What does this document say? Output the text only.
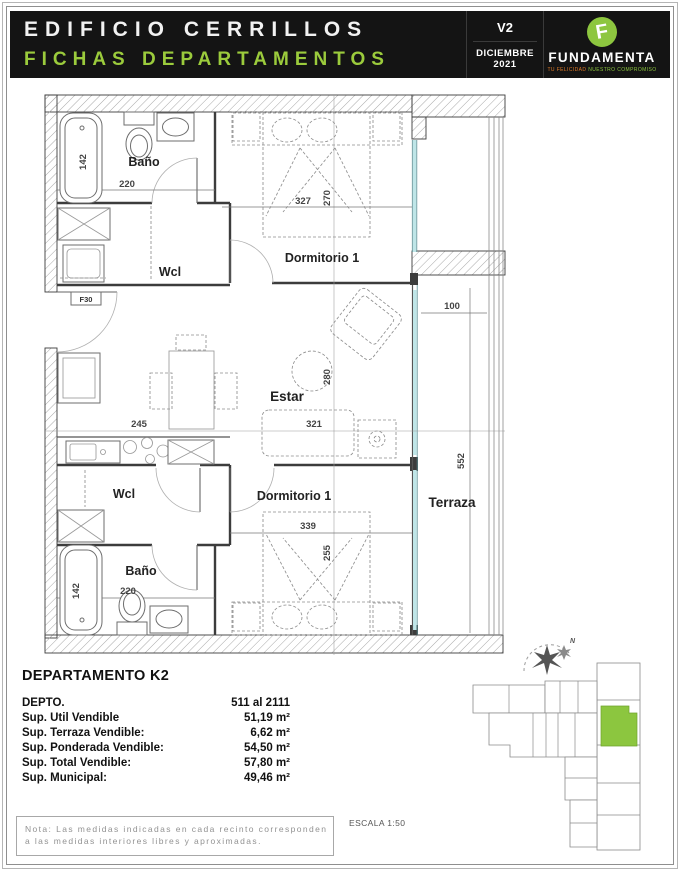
EDIFICIO CERRILLOS
FICHAS DEPARTAMENTOS
V2
DICIEMBRE
2021
F
FUNDAMENTA
TU FELICIDAD NUESTRO COMPROMISO
F30
Baño
Wcl
Dormitorio 1
Estar
Wcl	Dormitorio 1
Baño
Terraza
142
220
327 270
100
245
280
321
339
255
552
142	220
DEPARTAMENTO K2
DEPTO.	511 al 2111
Sup. Util Vendible	51,19 m²
Sup. Terraza Vendible:	6,62 m²
Sup. Ponderada Vendible:	54,50 m²
Sup. Total Vendible:	57,80 m²
Sup. Municipal:	49,46 m²
N
Nota: Las medidas indicadas en cada recinto corresponden
a las medidas interiores libres y aproximadas.
ESCALA 1:50
